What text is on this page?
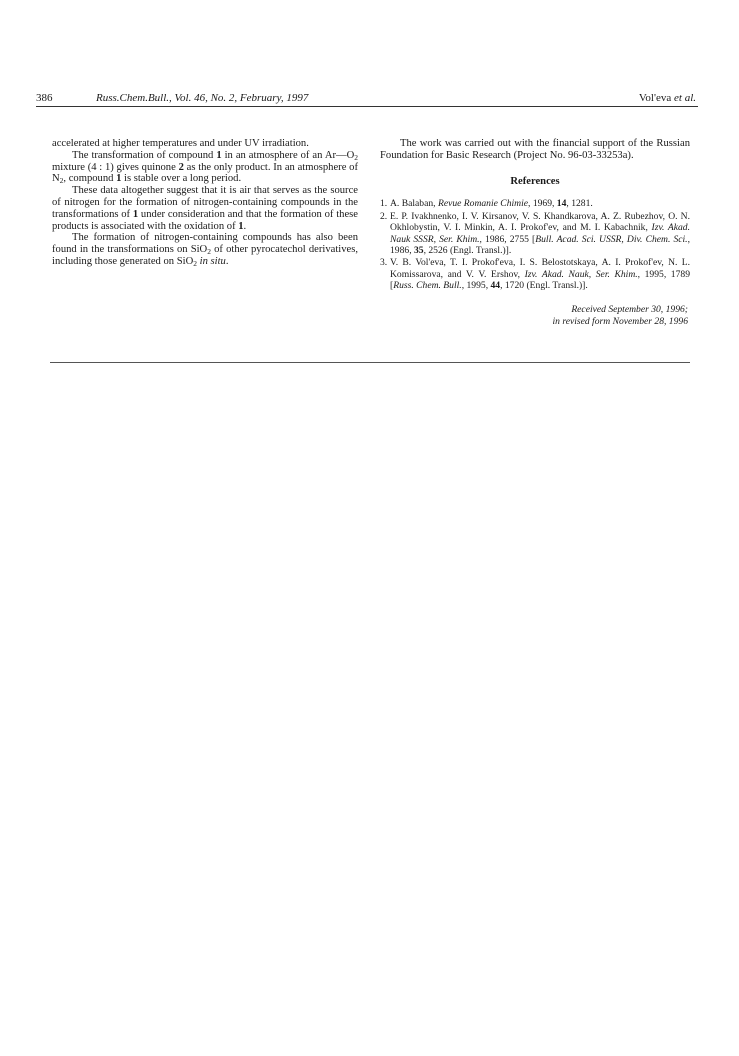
386	Russ.Chem.Bull., Vol. 46, No. 2, February, 1997	Vol'eva et al.

accelerated at higher temperatures and under UV irradiation.

The transformation of compound 1 in an atmosphere of an $Ar—O_2$ mixture (4 : 1) gives quinone 2 as the only product. In an atmosphere of $N_2$, compound 1 is stable over a long period.

These data altogether suggest that it is air that serves as the source of nitrogen for the formation of nitrogen-containing compounds in the transformations of 1 under consideration and that the formation of these products is associated with the oxidation of 1.

The formation of nitrogen-containing compounds has also been found in the transformations on SiO$_2$ of other pyrocatechol derivatives, including those generated on SiO$_2$ in situ.

The work was carried out with the financial support of the Russian Foundation for Basic Research (Project No. 96-03-33253a).

References
1. A. Balaban, Revue Romanie Chimie, 1969, 14, 1281.
2. E. P. Ivakhnenko, I. V. Kirsanov, V. S. Khandkarova, A. Z. Rubezhov, O. N. Okhlobystin, V. I. Minkin, A. I. Prokof'ev, and M. I. Kabachnik, Izv. Akad. Nauk SSSR, Ser. Khim., 1986, 2755 [Bull. Acad. Sci. USSR, Div. Chem. Sci., 1986, 35, 2526 (Engl. Transl.)].
3. V. B. Vol'eva, T. I. Prokof'eva, I. S. Belostotskaya, A. I. Prokof'ev, N. L. Komissarova, and V. V. Ershov, Izv. Akad. Nauk, Ser. Khim., 1995, 1789 [Russ. Chem. Bull., 1995, 44, 1720 (Engl. Transl.)].
Received September 30, 1996;
in revised form November 28, 1996
